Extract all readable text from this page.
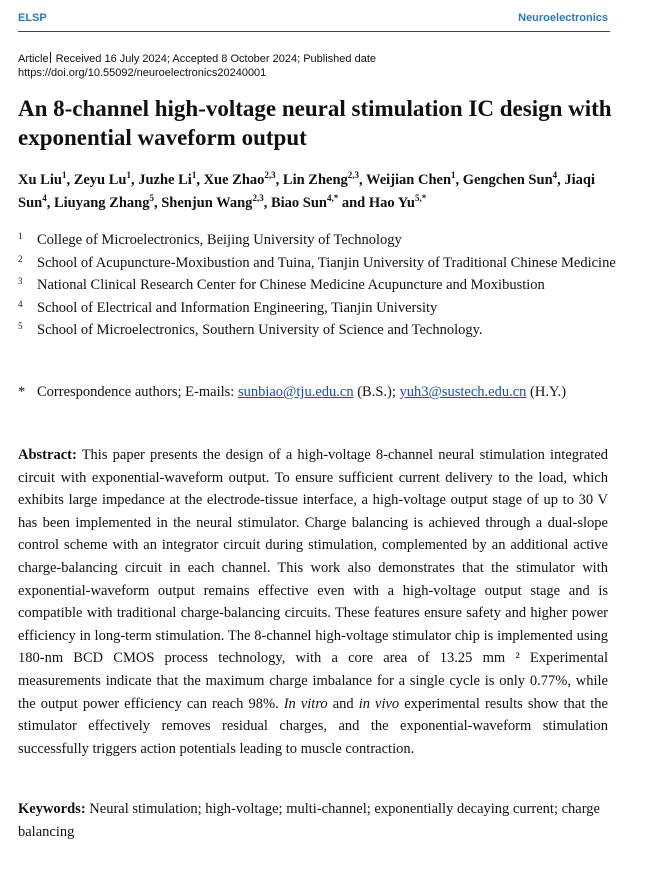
ELSP	Neuroelectronics
Article Received 16 July 2024; Accepted 8 October 2024; Published date
https://doi.org/10.55092/neuroelectronics20240001
An 8-channel high-voltage neural stimulation IC design with exponential waveform output
Xu Liu$^1$, Zeyu Lu$^1$, Juzhe Li$^1$, Xue Zhao$^{2,3}$, Lin Zheng$^{2,3}$, Weijian Chen$^1$, Gengchen Sun$^4$, Jiaqi Sun$^4$, Liuyang Zhang$^5$, Shenjun Wang$^{2,3}$, Biao Sun$^{4,*}$ and Hao $Yu^{5,*}$
1 College of Microelectronics, Beijing University of Technology
2 School of Acupuncture-Moxibustion and Tuina, Tianjin University of Traditional Chinese Medicine
3 National Clinical Research Center for Chinese Medicine Acupuncture and Moxibustion
4 School of Electrical and Information Engineering, Tianjin University
5 School of Microelectronics, Southern University of Science and Technology.
* Correspondence authors; E-mails: sunbiao@tju.edu.cn (B.S.); yuh3@sustech.edu.cn (H.Y.)

Abstract: This paper presents the design of a high-voltage 8-channel neural stimulation integrated circuit with exponential-waveform output. To ensure sufficient current delivery to the load, which exhibits large impedance at the electrode-tissue interface, a high-voltage output stage of up to 30 V has been implemented in the neural stimulator. Charge balancing is achieved through a dual-slope control scheme with an integrator circuit during stimulation, complemented by an additional active charge-balancing circuit in each channel. This work also demonstrates that the stimulator with exponential-waveform output remains effective even with a high-voltage output stage and is compatible with traditional charge-balancing circuits. These features ensure safety and higher power efficiency in long-term stimulation. The 8-channel high-voltage stimulator chip is implemented using 180-nm BCD CMOS process technology, with a core area of 13.25 mm ² Experimental measurements indicate that the maximum charge imbalance for a single cycle is only 0.77%, while the output power efficiency can reach 98%. In vitro and in vivo experimental results show that the stimulator effectively removes residual charges, and the exponential-waveform stimulation successfully triggers action potentials leading to muscle contraction.

Keywords: Neural stimulation; high-voltage; multi-channel; exponentially decaying current; charge balancing
